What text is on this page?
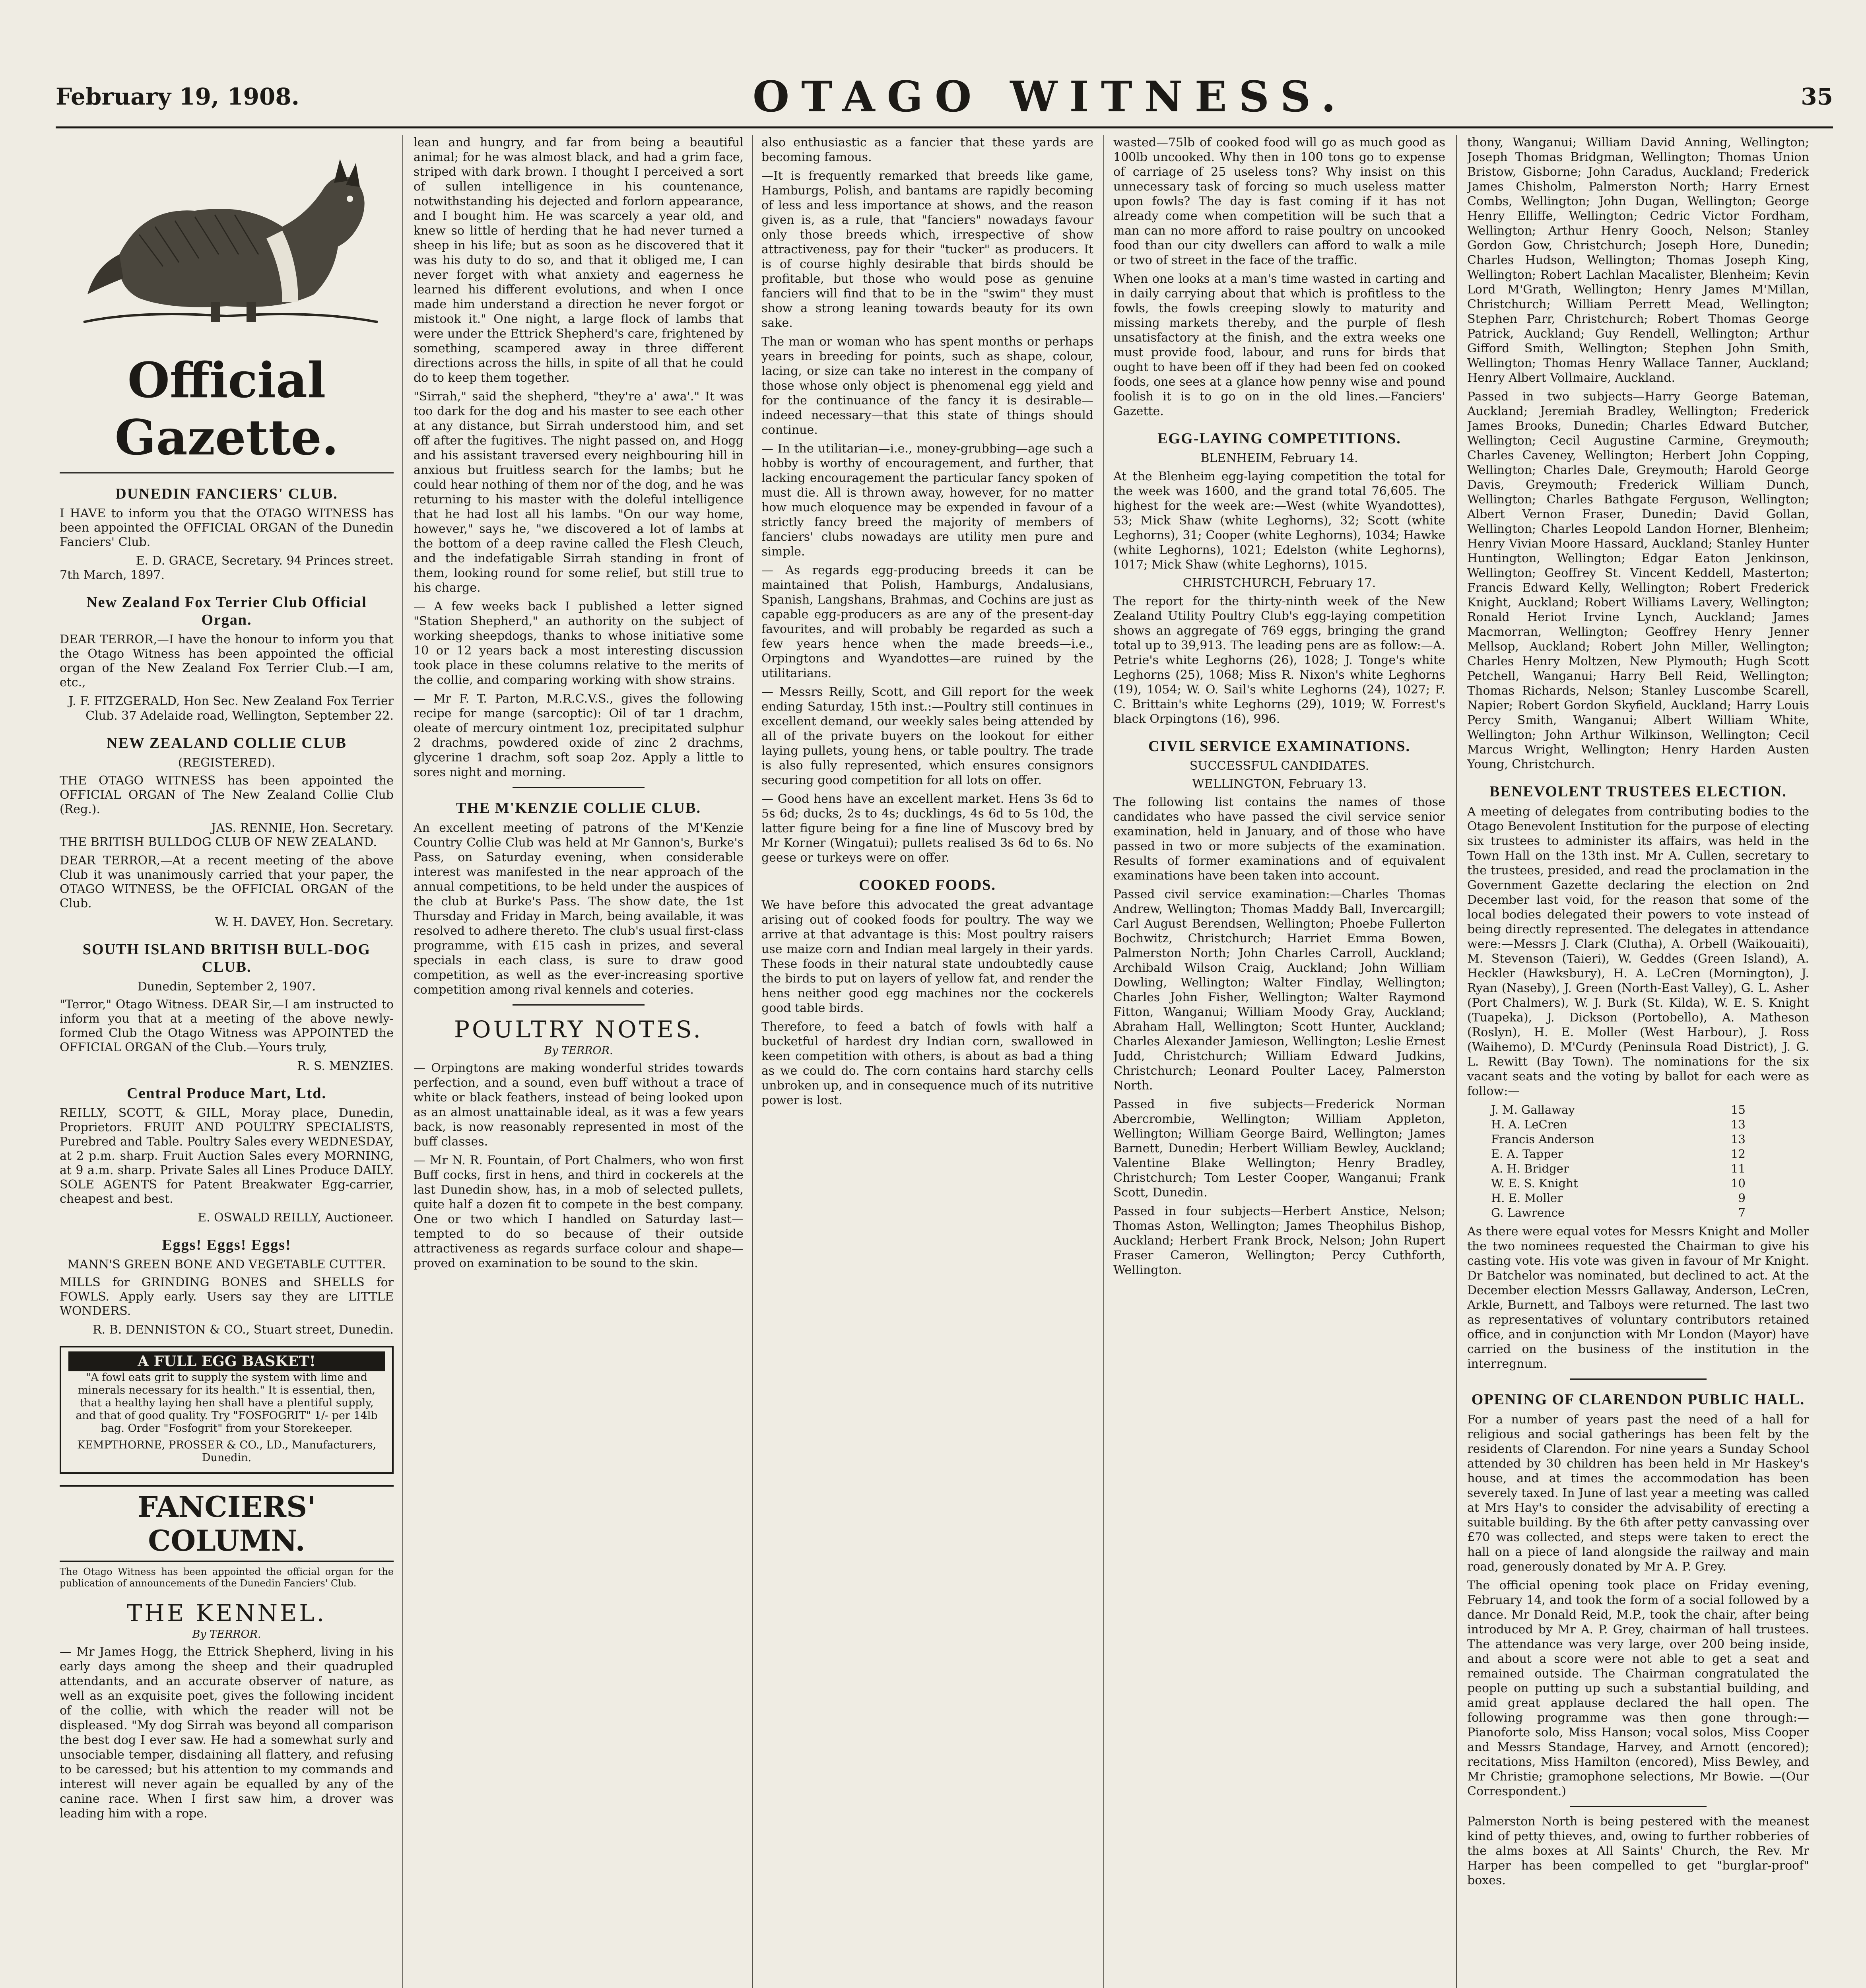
February 19, 1908.	OTAGO WITNESS.	35
Official Gazette.
DUNEDIN FANCIERS' CLUB.

I HAVE to inform you that the OTAGO WITNESS has been appointed the OFFICIAL ORGAN of the Dunedin Fanciers' Club.

E. D. GRACE, Secretary. 94 Princes street.

7th March, 1897.

New Zealand Fox Terrier Club Official Organ.

DEAR TERROR,—I have the honour to inform you that the Otago Witness has been appointed the official organ of the New Zealand Fox Terrier Club.—I am, etc.,

J. F. FITZGERALD, Hon Sec. New Zealand Fox Terrier Club. 37 Adelaide road, Wellington, September 22.

NEW ZEALAND COLLIE CLUB
(REGISTERED).

THE OTAGO WITNESS has been appointed the OFFICIAL ORGAN of The New Zealand Collie Club (Reg.).

JAS. RENNIE, Hon. Secretary.

THE BRITISH BULLDOG CLUB OF NEW ZEALAND.

DEAR TERROR,—At a recent meeting of the above Club it was unanimously carried that your paper, the OTAGO WITNESS, be the OFFICIAL ORGAN of the Club.

W. H. DAVEY, Hon. Secretary.

SOUTH ISLAND BRITISH BULL-DOG CLUB.
Dunedin, September 2, 1907.

"Terror," Otago Witness. DEAR Sir,—I am instructed to inform you that at a meeting of the above newly-formed Club the Otago Witness was APPOINTED the OFFICIAL ORGAN of the Club.—Yours truly,

R. S. MENZIES.

Central Produce Mart, Ltd.

REILLY, SCOTT, & GILL, Moray place, Dunedin, Proprietors. FRUIT AND POULTRY SPECIALISTS, Purebred and Table. Poultry Sales every WEDNESDAY, at 2 p.m. sharp. Fruit Auction Sales every MORNING, at 9 a.m. sharp. Private Sales all Lines Produce DAILY. SOLE AGENTS for Patent Breakwater Egg-carrier, cheapest and best.

E. OSWALD REILLY, Auctioneer.

Eggs! Eggs! Eggs!
MANN'S GREEN BONE AND VEGETABLE CUTTER.

MILLS for GRINDING BONES and SHELLS for FOWLS. Apply early. Users say they are LITTLE WONDERS.

R. B. DENNISTON & CO., Stuart street, Dunedin.

A FULL EGG BASKET!

"A fowl eats grit to supply the system with lime and minerals necessary for its health." It is essential, then, that a healthy laying hen shall have a plentiful supply, and that of good quality. Try "FOSFOGRIT" 1/- per 14lb bag. Order "Fosfogrit" from your Storekeeper.

KEMPTHORNE, PROSSER & CO., LD., Manufacturers, Dunedin.

FANCIERS' COLUMN.

The Otago Witness has been appointed the official organ for the publication of announcements of the Dunedin Fanciers' Club.

THE KENNEL.
By TERROR.

— Mr James Hogg, the Ettrick Shepherd, living in his early days among the sheep and their quadrupled attendants, and an accurate observer of nature, as well as an exquisite poet, gives the following incident of the collie, with which the reader will not be displeased. "My dog Sirrah was beyond all comparison the best dog I ever saw. He had a somewhat surly and unsociable temper, disdaining all flattery, and refusing to be caressed; but his attention to my commands and interest will never again be equalled by any of the canine race. When I first saw him, a drover was leading him with a rope.

lean and hungry, and far from being a beautiful animal; for he was almost black, and had a grim face, striped with dark brown. I thought I perceived a sort of sullen intelligence in his countenance, notwithstanding his dejected and forlorn appearance, and I bought him. He was scarcely a year old, and knew so little of herding that he had never turned a sheep in his life; but as soon as he discovered that it was his duty to do so, and that it obliged me, I can never forget with what anxiety and eagerness he learned his different evolutions, and when I once made him understand a direction he never forgot or mistook it." One night, a large flock of lambs that were under the Ettrick Shepherd's care, frightened by something, scampered away in three different directions across the hills, in spite of all that he could do to keep them together.

"Sirrah," said the shepherd, "they're a' awa'." It was too dark for the dog and his master to see each other at any distance, but Sirrah understood him, and set off after the fugitives. The night passed on, and Hogg and his assistant traversed every neighbouring hill in anxious but fruitless search for the lambs; but he could hear nothing of them nor of the dog, and he was returning to his master with the doleful intelligence that he had lost all his lambs. "On our way home, however," says he, "we discovered a lot of lambs at the bottom of a deep ravine called the Flesh Cleuch, and the indefatigable Sirrah standing in front of them, looking round for some relief, but still true to his charge.

— A few weeks back I published a letter signed "Station Shepherd," an authority on the subject of working sheepdogs, thanks to whose initiative some 10 or 12 years back a most interesting discussion took place in these columns relative to the merits of the collie, and comparing working with show strains.

— Mr F. T. Parton, M.R.C.V.S., gives the following recipe for mange (sarcoptic): Oil of tar 1 drachm, oleate of mercury ointment 1oz, precipitated sulphur 2 drachms, powdered oxide of zinc 2 drachms, glycerine 1 drachm, soft soap 2oz. Apply a little to sores night and morning.

THE M'KENZIE COLLIE CLUB.

An excellent meeting of patrons of the M'Kenzie Country Collie Club was held at Mr Gannon's, Burke's Pass, on Saturday evening, when considerable interest was manifested in the near approach of the annual competitions, to be held under the auspices of the club at Burke's Pass. The show date, the 1st Thursday and Friday in March, being available, it was resolved to adhere thereto. The club's usual first-class programme, with £15 cash in prizes, and several specials in each class, is sure to draw good competition, as well as the ever-increasing sportive competition among rival kennels and coteries.

POULTRY NOTES.
By TERROR.

— Orpingtons are making wonderful strides towards perfection, and a sound, even buff without a trace of white or black feathers, instead of being looked upon as an almost unattainable ideal, as it was a few years back, is now reasonably represented in most of the buff classes.

— Mr N. R. Fountain, of Port Chalmers, who won first Buff cocks, first in hens, and third in cockerels at the last Dunedin show, has, in a mob of selected pullets, quite half a dozen fit to compete in the best company. One or two which I handled on Saturday last—tempted to do so because of their outside attractiveness as regards surface colour and shape—proved on examination to be sound to the skin.

also enthusiastic as a fancier that these yards are becoming famous.

—It is frequently remarked that breeds like game, Hamburgs, Polish, and bantams are rapidly becoming of less and less importance at shows, and the reason given is, as a rule, that "fanciers" nowadays favour only those breeds which, irrespective of show attractiveness, pay for their "tucker" as producers. It is of course highly desirable that birds should be profitable, but those who would pose as genuine fanciers will find that to be in the "swim" they must show a strong leaning towards beauty for its own sake.

The man or woman who has spent months or perhaps years in breeding for points, such as shape, colour, lacing, or size can take no interest in the company of those whose only object is phenomenal egg yield and for the continuance of the fancy it is desirable—indeed necessary—that this state of things should continue.

— In the utilitarian—i.e., money-grubbing—age such a hobby is worthy of encouragement, and further, that lacking encouragement the particular fancy spoken of must die. All is thrown away, however, for no matter how much eloquence may be expended in favour of a strictly fancy breed the majority of members of fanciers' clubs nowadays are utility men pure and simple.

— As regards egg-producing breeds it can be maintained that Polish, Hamburgs, Andalusians, Spanish, Langshans, Brahmas, and Cochins are just as capable egg-producers as are any of the present-day favourites, and will probably be regarded as such a few years hence when the made breeds—i.e., Orpingtons and Wyandottes—are ruined by the utilitarians.

— Messrs Reilly, Scott, and Gill report for the week ending Saturday, 15th inst.:—Poultry still continues in excellent demand, our weekly sales being attended by all of the private buyers on the lookout for either laying pullets, young hens, or table poultry. The trade is also fully represented, which ensures consignors securing good competition for all lots on offer.

— Good hens have an excellent market. Hens 3s 6d to 5s 6d; ducks, 2s to 4s; ducklings, 4s 6d to 5s 10d, the latter figure being for a fine line of Muscovy bred by Mr Korner (Wingatui); pullets realised 3s 6d to 6s. No geese or turkeys were on offer.

COOKED FOODS.

We have before this advocated the great advantage arising out of cooked foods for poultry. The way we arrive at that advantage is this: Most poultry raisers use maize corn and Indian meal largely in their yards. These foods in their natural state undoubtedly cause the birds to put on layers of yellow fat, and render the hens neither good egg machines nor the cockerels good table birds.

Therefore, to feed a batch of fowls with half a bucketful of hardest dry Indian corn, swallowed in keen competition with others, is about as bad a thing as we could do. The corn contains hard starchy cells unbroken up, and in consequence much of its nutritive power is lost.

wasted—75lb of cooked food will go as much good as 100lb uncooked. Why then in 100 tons go to expense of carriage of 25 useless tons? Why insist on this unnecessary task of forcing so much useless matter upon fowls? The day is fast coming if it has not already come when competition will be such that a man can no more afford to raise poultry on uncooked food than our city dwellers can afford to walk a mile or two of street in the face of the traffic.

When one looks at a man's time wasted in carting and in daily carrying about that which is profitless to the fowls, the fowls creeping slowly to maturity and missing markets thereby, and the purple of flesh unsatisfactory at the finish, and the extra weeks one must provide food, labour, and runs for birds that ought to have been off if they had been fed on cooked foods, one sees at a glance how penny wise and pound foolish it is to go on in the old lines.—Fanciers' Gazette.

EGG-LAYING COMPETITIONS.
BLENHEIM, February 14.

At the Blenheim egg-laying competition the total for the week was 1600, and the grand total 76,605. The highest for the week are:—West (white Wyandottes), 53; Mick Shaw (white Leghorns), 32; Scott (white Leghorns), 31; Cooper (white Leghorns), 1034; Hawke (white Leghorns), 1021; Edelston (white Leghorns), 1017; Mick Shaw (white Leghorns), 1015.

CHRISTCHURCH, February 17.

The report for the thirty-ninth week of the New Zealand Utility Poultry Club's egg-laying competition shows an aggregate of 769 eggs, bringing the grand total up to 39,913. The leading pens are as follow:—A. Petrie's white Leghorns (26), 1028; J. Tonge's white Leghorns (25), 1068; Miss R. Nixon's white Leghorns (19), 1054; W. O. Sail's white Leghorns (24), 1027; F. C. Brittain's white Leghorns (29), 1019; W. Forrest's black Orpingtons (16), 996.

CIVIL SERVICE EXAMINATIONS.
SUCCESSFUL CANDIDATES.
WELLINGTON, February 13.

The following list contains the names of those candidates who have passed the civil service senior examination, held in January, and of those who have passed in two or more subjects of the examination. Results of former examinations and of equivalent examinations have been taken into account.

Passed civil service examination:—Charles Thomas Andrew, Wellington; Thomas Maddy Ball, Invercargill; Carl August Berendsen, Wellington; Phoebe Fullerton Bochwitz, Christchurch; Harriet Emma Bowen, Palmerston North; John Charles Carroll, Auckland; Archibald Wilson Craig, Auckland; John William Dowling, Wellington; Walter Findlay, Wellington; Charles John Fisher, Wellington; Walter Raymond Fitton, Wanganui; William Moody Gray, Auckland; Abraham Hall, Wellington; Scott Hunter, Auckland; Charles Alexander Jamieson, Wellington; Leslie Ernest Judd, Christchurch; William Edward Judkins, Christchurch; Leonard Poulter Lacey, Palmerston North.

Passed in five subjects—Frederick Norman Abercrombie, Wellington; William Appleton, Wellington; William George Baird, Wellington; James Barnett, Dunedin; Herbert William Bewley, Auckland; Valentine Blake Wellington; Henry Bradley, Christchurch; Tom Lester Cooper, Wanganui; Frank Scott, Dunedin.

Passed in four subjects—Herbert Anstice, Nelson; Thomas Aston, Wellington; James Theophilus Bishop, Auckland; Herbert Frank Brock, Nelson; John Rupert Fraser Cameron, Wellington; Percy Cuthforth, Wellington.

thony, Wanganui; William David Anning, Wellington; Joseph Thomas Bridgman, Wellington; Thomas Union Bristow, Gisborne; John Caradus, Auckland; Frederick James Chisholm, Palmerston North; Harry Ernest Combs, Wellington; John Dugan, Wellington; George Henry Elliffe, Wellington; Cedric Victor Fordham, Wellington; Arthur Henry Gooch, Nelson; Stanley Gordon Gow, Christchurch; Joseph Hore, Dunedin; Charles Hudson, Wellington; Thomas Joseph King, Wellington; Robert Lachlan Macalister, Blenheim; Kevin Lord M'Grath, Wellington; Henry James M'Millan, Christchurch; William Perrett Mead, Wellington; Stephen Parr, Christchurch; Robert Thomas George Patrick, Auckland; Guy Rendell, Wellington; Arthur Gifford Smith, Wellington; Stephen John Smith, Wellington; Thomas Henry Wallace Tanner, Auckland; Henry Albert Vollmaire, Auckland.

Passed in two subjects—Harry George Bateman, Auckland; Jeremiah Bradley, Wellington; Frederick James Brooks, Dunedin; Charles Edward Butcher, Wellington; Cecil Augustine Carmine, Greymouth; Charles Caveney, Wellington; Herbert John Copping, Wellington; Charles Dale, Greymouth; Harold George Davis, Greymouth; Frederick William Dunch, Wellington; Charles Bathgate Ferguson, Wellington; Albert Vernon Fraser, Dunedin; David Gollan, Wellington; Charles Leopold Landon Horner, Blenheim; Henry Vivian Moore Hassard, Auckland; Stanley Hunter Huntington, Wellington; Edgar Eaton Jenkinson, Wellington; Geoffrey St. Vincent Keddell, Masterton; Francis Edward Kelly, Wellington; Robert Frederick Knight, Auckland; Robert Williams Lavery, Wellington; Ronald Heriot Irvine Lynch, Auckland; James Macmorran, Wellington; Geoffrey Henry Jenner Mellsop, Auckland; Robert John Miller, Wellington; Charles Henry Moltzen, New Plymouth; Hugh Scott Petchell, Wanganui; Harry Bell Reid, Wellington; Thomas Richards, Nelson; Stanley Luscombe Scarell, Napier; Robert Gordon Skyfield, Auckland; Harry Louis Percy Smith, Wanganui; Albert William White, Wellington; John Arthur Wilkinson, Wellington; Cecil Marcus Wright, Wellington; Henry Harden Austen Young, Christchurch.

BENEVOLENT TRUSTEES ELECTION.

A meeting of delegates from contributing bodies to the Otago Benevolent Institution for the purpose of electing six trustees to administer its affairs, was held in the Town Hall on the 13th inst. Mr A. Cullen, secretary to the trustees, presided, and read the proclamation in the Government Gazette declaring the election on 2nd December last void, for the reason that some of the local bodies delegated their powers to vote instead of being directly represented. The delegates in attendance were:—Messrs J. Clark (Clutha), A. Orbell (Waikouaiti), M. Stevenson (Taieri), W. Geddes (Green Island), A. Heckler (Hawksbury), H. A. LeCren (Mornington), J. Ryan (Naseby), J. Green (North-East Valley), G. L. Asher (Port Chalmers), W. J. Burk (St. Kilda), W. E. S. Knight (Tuapeka), J. Dickson (Portobello), A. Matheson (Roslyn), H. E. Moller (West Harbour), J. Ross (Waihemo), D. M'Curdy (Peninsula Road District), J. G. L. Rewitt (Bay Town). The nominations for the six vacant seats and the voting by ballot for each were as follow:—

J. M. Gallaway	15
H. A. LeCren	13
Francis Anderson	13
E. A. Tapper	12
A. H. Bridger	11
W. E. S. Knight	10
H. E. Moller	9
G. Lawrence	7

As there were equal votes for Messrs Knight and Moller the two nominees requested the Chairman to give his casting vote. His vote was given in favour of Mr Knight. Dr Batchelor was nominated, but declined to act. At the December election Messrs Gallaway, Anderson, LeCren, Arkle, Burnett, and Talboys were returned. The last two as representatives of voluntary contributors retained office, and in conjunction with Mr London (Mayor) have carried on the business of the institution in the interregnum.

OPENING OF CLARENDON PUBLIC HALL.

For a number of years past the need of a hall for religious and social gatherings has been felt by the residents of Clarendon. For nine years a Sunday School attended by 30 children has been held in Mr Haskey's house, and at times the accommodation has been severely taxed. In June of last year a meeting was called at Mrs Hay's to consider the advisability of erecting a suitable building. By the 6th after petty canvassing over £70 was collected, and steps were taken to erect the hall on a piece of land alongside the railway and main road, generously donated by Mr A. P. Grey.

The official opening took place on Friday evening, February 14, and took the form of a social followed by a dance. Mr Donald Reid, M.P., took the chair, after being introduced by Mr A. P. Grey, chairman of hall trustees. The attendance was very large, over 200 being inside, and about a score were not able to get a seat and remained outside. The Chairman congratulated the people on putting up such a substantial building, and amid great applause declared the hall open. The following programme was then gone through:—Pianoforte solo, Miss Hanson; vocal solos, Miss Cooper and Messrs Standage, Harvey, and Arnott (encored); recitations, Miss Hamilton (encored), Miss Bewley, and Mr Christie; gramophone selections, Mr Bowie. —(Our Correspondent.)

Palmerston North is being pestered with the meanest kind of petty thieves, and, owing to further robberies of the alms boxes at All Saints' Church, the Rev. Mr Harper has been compelled to get "burglar-proof" boxes.
